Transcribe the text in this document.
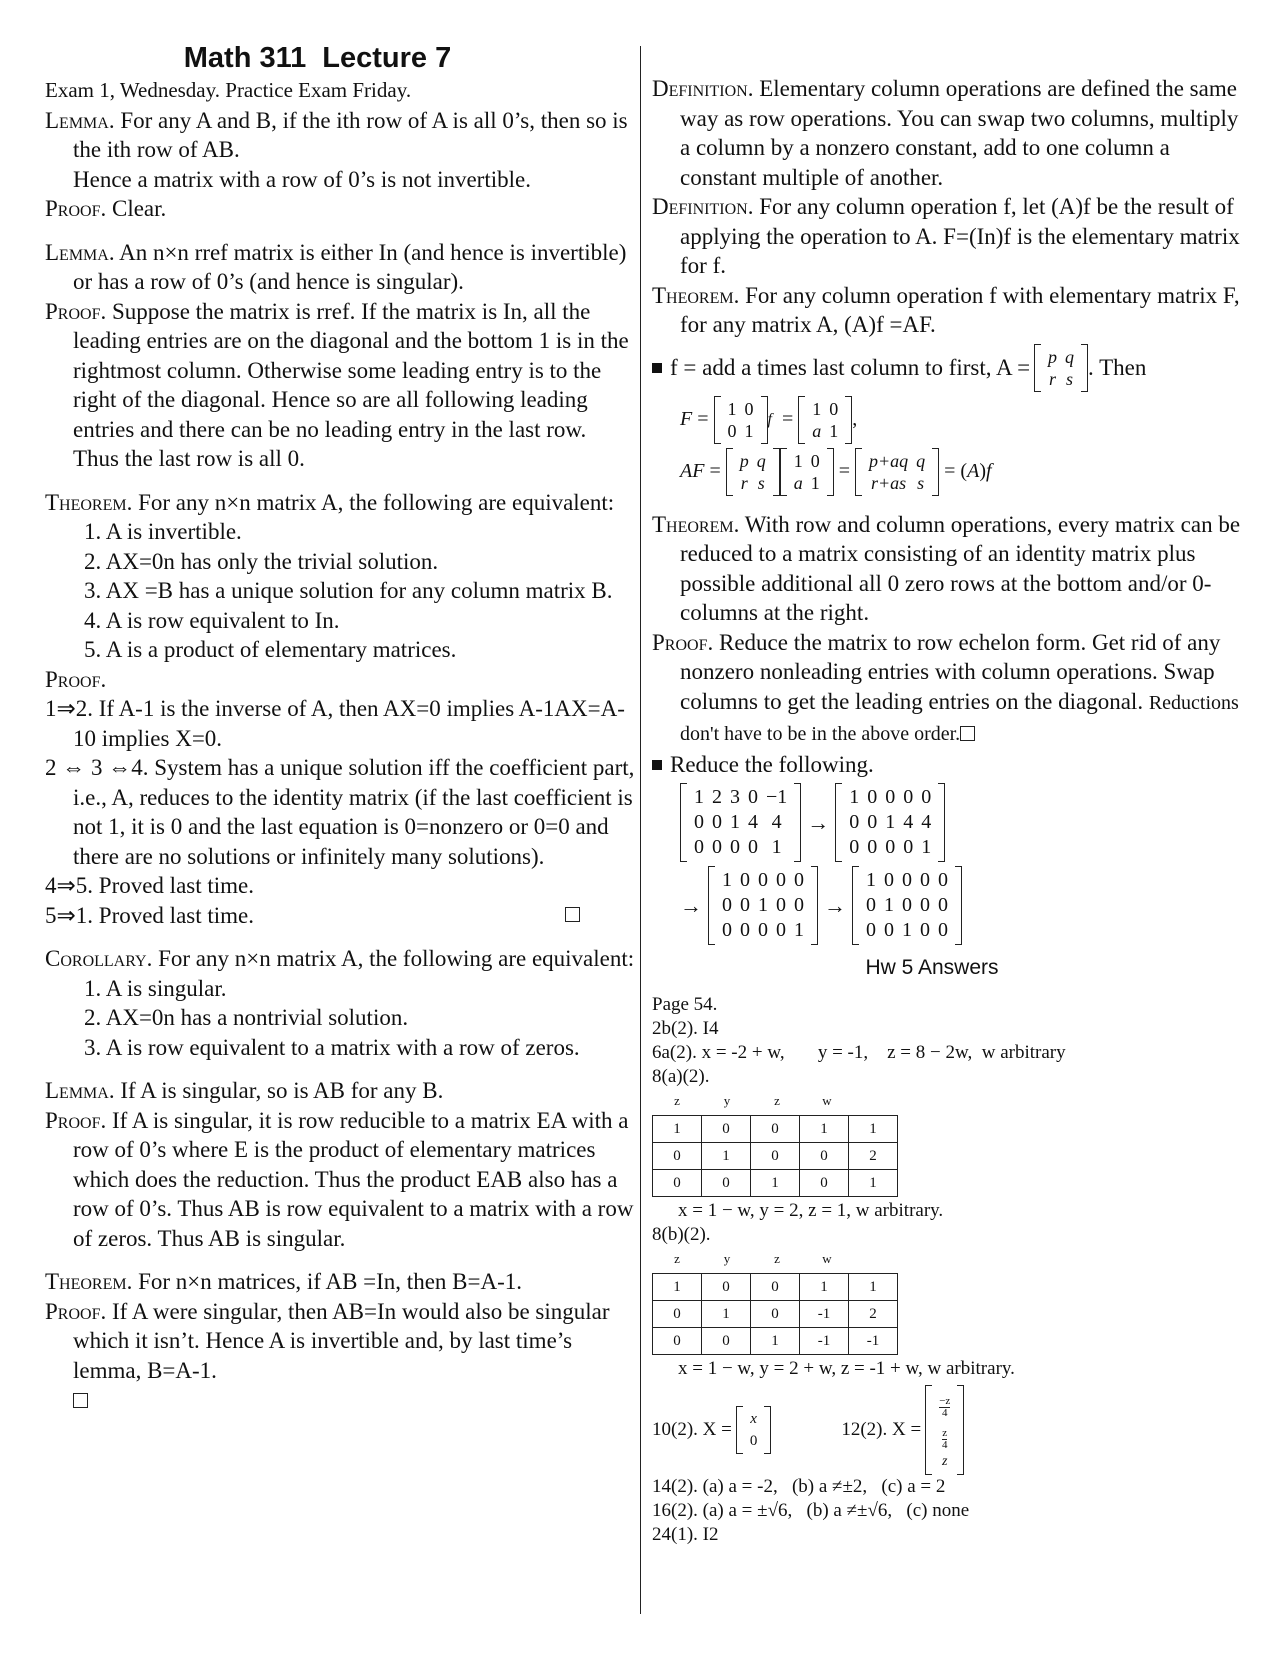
Math 311 Lecture 7

Exam 1, Wednesday. Practice Exam Friday.

Lemma. For any A and B, if the ith row of A is all 0’s, then so is the ith row of AB.

Hence a matrix with a row of 0’s is not invertible.

Proof. Clear.

Lemma. An n×n rref matrix is either In (and hence is invertible) or has a row of 0’s (and hence is singular).

Proof. Suppose the matrix is rref. If the matrix is In, all the leading entries are on the diagonal and the bottom 1 is in the rightmost column. Otherwise some leading entry is to the right of the diagonal. Hence so are all following leading entries and there can be no leading entry in the last row. Thus the last row is all 0.

Theorem. For any n×n matrix A, the following are equivalent:

1. A is invertible.
2. AX=0n has only the trivial solution.
3. AX =B has a unique solution for any column matrix B.
4. A is row equivalent to In.
5. A is a product of elementary matrices.

Proof.

1⇒2. If A-1 is the inverse of A, then AX=0 implies A-1AX=A-10 implies X=0.

2 ⇔ 3 ⇔4. System has a unique solution iff the coefficient part, i.e., A, reduces to the identity matrix (if the last coefficient is not 1, it is 0 and the last equation is 0=nonzero or 0=0 and there are no solutions or infinitely many solutions).

4⇒5. Proved last time.

5⇒1. Proved last time.

Corollary. For any n×n matrix A, the following are equivalent:

1. A is singular.
2. AX=0n has a nontrivial solution.
3. A is row equivalent to a matrix with a row of zeros.

Lemma. If A is singular, so is AB for any B.

Proof. If A is singular, it is row reducible to a matrix EA with a row of 0’s where E is the product of elementary matrices which does the reduction. Thus the product EAB also has a row of 0’s. Thus AB is row equivalent to a matrix with a row of zeros. Thus AB is singular.

Theorem. For n×n matrices, if AB =In, then B=A-1.

Proof. If A were singular, then AB=In would also be singular which it isn’t. Hence A is invertible and, by last time’s lemma, B=A-1.

Definition. Elementary column operations are defined the same way as row operations. You can swap two columns, multiply a column by a nonzero constant, add to one column a constant multiple of another.

Definition. For any column operation f, let (A)f be the result of applying the operation to A. F=(In)f is the elementary matrix for f.

Theorem. For any column operation f with elementary matrix F, for any matrix A, (A)f =AF.

f = add a times last column to first, A = p	q
r	s . Then
F = 1	0
0	1
f = 1	0
a	1
,
AF = p	q
r	s
1	0
a	1
= p+aq	q
r+as	s
= ( A ) f

Theorem. With row and column operations, every matrix can be reduced to a matrix consisting of an identity matrix plus possible additional all 0 zero rows at the bottom and/or 0-columns at the right.

Proof. Reduce the matrix to row echelon form. Get rid of any nonzero nonleading entries with column operations. Swap columns to get the leading entries on the diagonal. Reductions don't have to be in the above order.

Reduce the following.

1	2	3	0	−1
0	0	1	4	4
0	0	0	0	1
→
1	0	0	0	0
0	0	1	4	4
0	0	0	0	1
→
1	0	0	0	0
0	0	1	0	0
0	0	0	0	1
→
1	0	0	0	0
0	1	0	0	0
0	0	1	0	0
Hw 5 Answers
Page 54.
2b(2). I4
6a(2). x = -2 + w,       y = -1,    z = 8 − 2w,  w arbitrary
8(a)(2).
z	y	z	w
1	0	0	1	1
0	1	0	0	2
0	0	1	0	1
x = 1 − w, y = 2, z = 1, w arbitrary.
8(b)(2).
z	y	z	w
1	0	0	1	1
0	1	0	-1	2
0	0	1	-1	-1
x = 1 − w, y = 2 + w, z = -1 + w, w arbitrary.
10(2). X = x
0
12(2). X =
$\frac{-z}{4}$

$\frac{z}{4}$

z
14(2). (a) a = -2,   (b) a ≠±2,   (c) a = 2
16(2). (a) a = ±√6,   (b) a ≠±√6,   (c) none
24(1). I2
